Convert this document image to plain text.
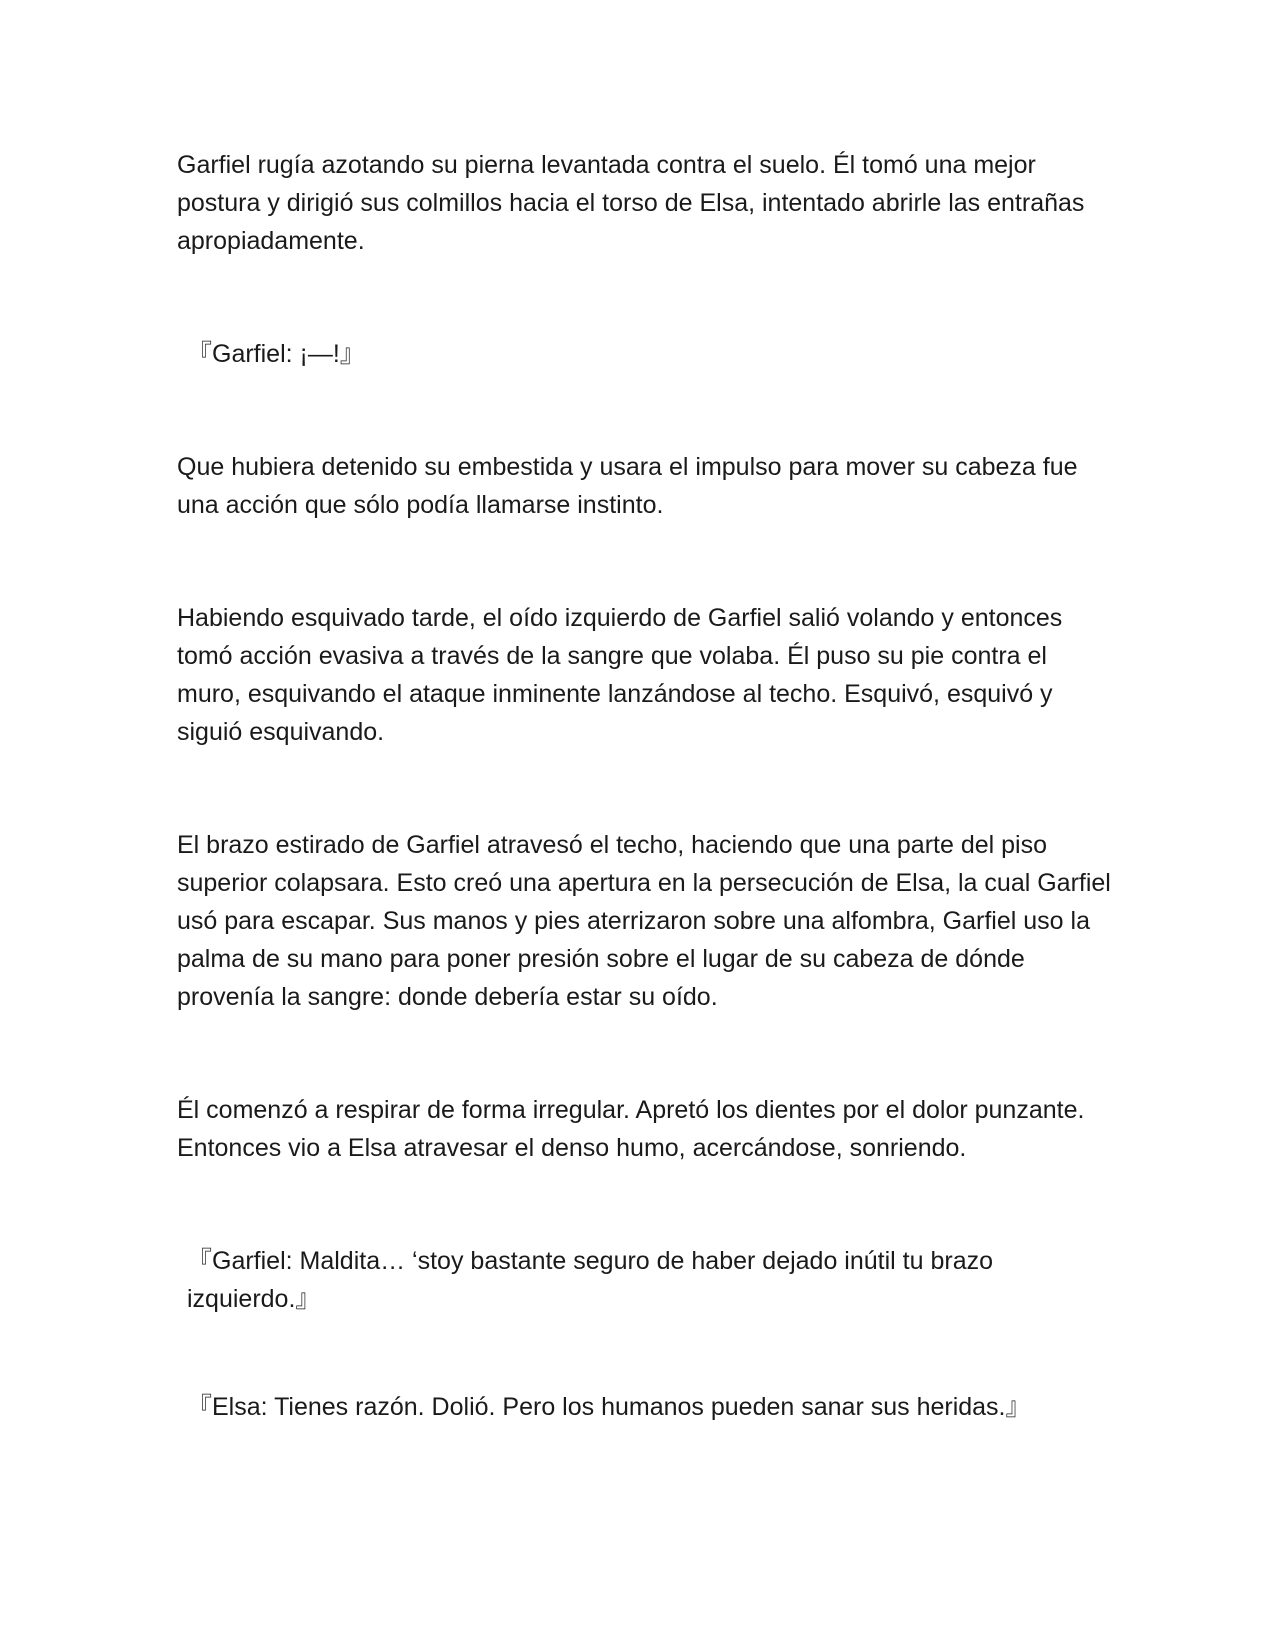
Garfiel rugía azotando su pierna levantada contra el suelo. Él tomó una mejor postura y dirigió sus colmillos hacia el torso de Elsa, intentado abrirle las entrañas apropiadamente.

『Garfiel: ¡—!』

Que hubiera detenido su embestida y usara el impulso para mover su cabeza fue una acción que sólo podía llamarse instinto.

Habiendo esquivado tarde, el oído izquierdo de Garfiel salió volando y entonces tomó acción evasiva a través de la sangre que volaba. Él puso su pie contra el muro, esquivando el ataque inminente lanzándose al techo. Esquivó, esquivó y siguió esquivando.

El brazo estirado de Garfiel atravesó el techo, haciendo que una parte del piso superior colapsara. Esto creó una apertura en la persecución de Elsa, la cual Garfiel usó para escapar. Sus manos y pies aterrizaron sobre una alfombra, Garfiel uso la palma de su mano para poner presión sobre el lugar de su cabeza de dónde provenía la sangre: donde debería estar su oído.

Él comenzó a respirar de forma irregular. Apretó los dientes por el dolor punzante. Entonces vio a Elsa atravesar el denso humo, acercándose, sonriendo.

『Garfiel: Maldita… ‘stoy bastante seguro de haber dejado inútil tu brazo izquierdo.』

『Elsa: Tienes razón. Dolió. Pero los humanos pueden sanar sus heridas.』
